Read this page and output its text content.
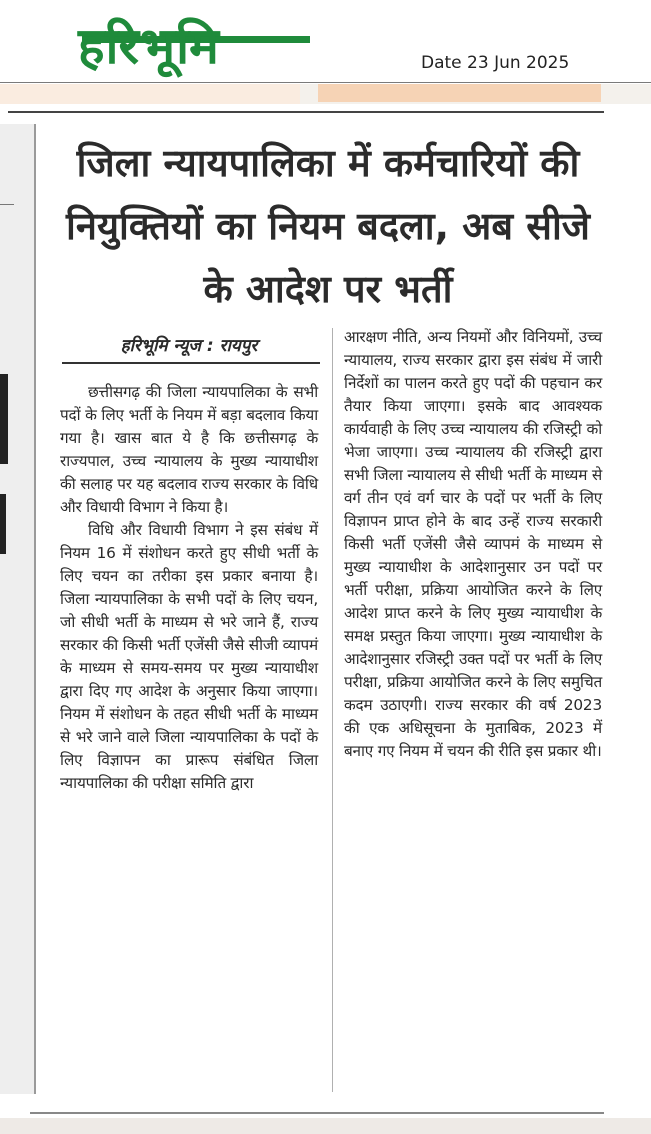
हरिभूमि	Date 23 Jun 2025
जिला न्यायपालिका में कर्मचारियों की नियुक्तियों का नियम बदला, अब सीजे के आदेश पर भर्ती
हरिभूमि न्यूज : रायपुर

छत्तीसगढ़ की जिला न्यायपालिका के सभी पदों के लिए भर्ती के नियम में बड़ा बदलाव किया गया है। खास बात ये है कि छत्तीसगढ़ के राज्यपाल, उच्च न्यायालय के मुख्य न्यायाधीश की सलाह पर यह बदलाव राज्य सरकार के विधि और विधायी विभाग ने किया है।

विधि और विधायी विभाग ने इस संबंध में नियम 16 में संशोधन करते हुए सीधी भर्ती के लिए चयन का तरीका इस प्रकार बनाया है। जिला न्यायपालिका के सभी पदों के लिए चयन, जो सीधी भर्ती के माध्यम से भरे जाने हैं, राज्य सरकार की किसी भर्ती एजेंसी जैसे सीजी व्यापमं के माध्यम से समय-समय पर मुख्य न्यायाधीश द्वारा दिए गए आदेश के अनुसार किया जाएगा। नियम में संशोधन के तहत सीधी भर्ती के माध्यम से भरे जाने वाले जिला न्यायपालिका के पदों के लिए विज्ञापन का प्रारूप संबंधित जिला न्यायपालिका की परीक्षा समिति द्वारा

आरक्षण नीति, अन्य नियमों और विनियमों, उच्च न्यायालय, राज्य सरकार द्वारा इस संबंध में जारी निर्देशों का पालन करते हुए पदों की पहचान कर तैयार किया जाएगा। इसके बाद आवश्यक कार्यवाही के लिए उच्च न्यायालय की रजिस्ट्री को भेजा जाएगा। उच्च न्यायालय की रजिस्ट्री द्वारा सभी जिला न्यायालय से सीधी भर्ती के माध्यम से वर्ग तीन एवं वर्ग चार के पदों पर भर्ती के लिए विज्ञापन प्राप्त होने के बाद उन्हें राज्य सरकारी किसी भर्ती एजेंसी जैसे व्यापमं के माध्यम से मुख्य न्यायाधीश के आदेशानुसार उन पदों पर भर्ती परीक्षा, प्रक्रिया आयोजित करने के लिए आदेश प्राप्त करने के लिए मुख्य न्यायाधीश के समक्ष प्रस्तुत किया जाएगा। मुख्य न्यायाधीश के आदेशानुसार रजिस्ट्री उक्त पदों पर भर्ती के लिए परीक्षा, प्रक्रिया आयोजित करने के लिए समुचित कदम उठाएगी। राज्य सरकार की वर्ष 2023 की एक अधिसूचना के मुताबिक, 2023 में बनाए गए नियम में चयन की रीति इस प्रकार थी।
